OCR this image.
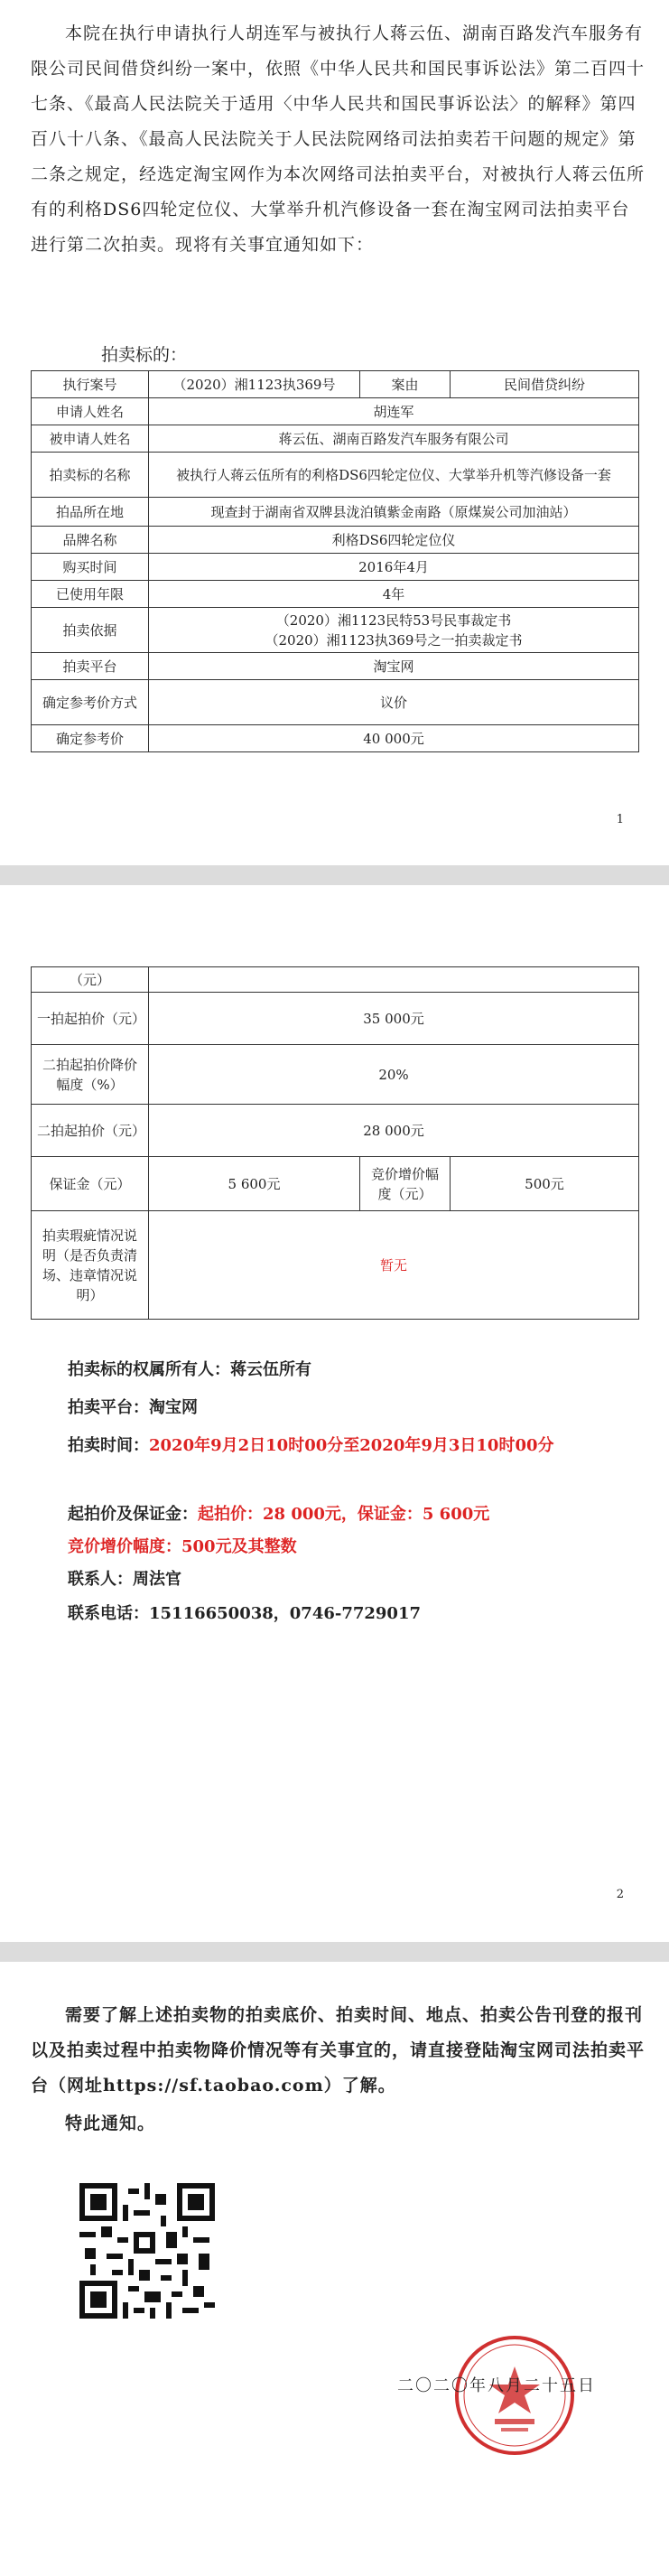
本院在执行申请执行人胡连军与被执行人蒋云伍、湖南百路发汽车服务有限公司民间借贷纠纷一案中，依照《中华人民共和国民事诉讼法》第二百四十七条、《最高人民法院关于适用〈中华人民共和国民事诉讼法〉的解释》第四百八十八条、《最高人民法院关于人民法院网络司法拍卖若干问题的规定》第二条之规定，经选定淘宝网作为本次网络司法拍卖平台，对被执行人蒋云伍所有的利格DS6四轮定位仪、大掌举升机汽修设备一套在淘宝网司法拍卖平台进行第二次拍卖。现将有关事宜通知如下：
拍卖标的：
执行案号	（2020）湘1123执369号	案由	民间借贷纠纷
申请人姓名	胡连军		
被申请人姓名	蒋云伍、湖南百路发汽车服务有限公司		
拍卖标的名称	被执行人蒋云伍所有的利格DS6四轮定位仪、大掌举升机等汽修设备一套		
拍品所在地	现查封于湖南省双牌县泷泊镇紫金南路（原煤炭公司加油站）		
品牌名称	利格DS6四轮定位仪		
购买时间	2016年4月		
已使用年限	4年		
拍卖依据	（2020）湘1123民特53号民事裁定书
（2020）湘1123执369号之一拍卖裁定书		
拍卖平台	淘宝网		
确定参考价方式	议价		
确定参考价	40 000元		
1
（元）			
一拍起拍价（元）	35 000元		
二拍起拍价降价幅度（%）	20%		
二拍起拍价（元）	28 000元		
保证金（元）	5 600元	竞价增价幅度（元）	500元
拍卖瑕疵情况说明（是否负责清场、违章情况说明）	暂无		
拍卖标的权属所有人：蒋云伍所有
拍卖平台：淘宝网
拍卖时间：2020年9月2日10时00分至2020年9月3日10时00分
起拍价及保证金：起拍价：28 000元，保证金：5 600元
竞价增价幅度：500元及其整数
联系人：周法官
联系电话：15116650038，0746-7729017
2
需要了解上述拍卖物的拍卖底价、拍卖时间、地点、拍卖公告刊登的报刊以及拍卖过程中拍卖物降价情况等有关事宜的，请直接登陆淘宝网司法拍卖平台（网址https://sf.taobao.com）了解。
特此通知。
二〇二〇年八月二十五日
